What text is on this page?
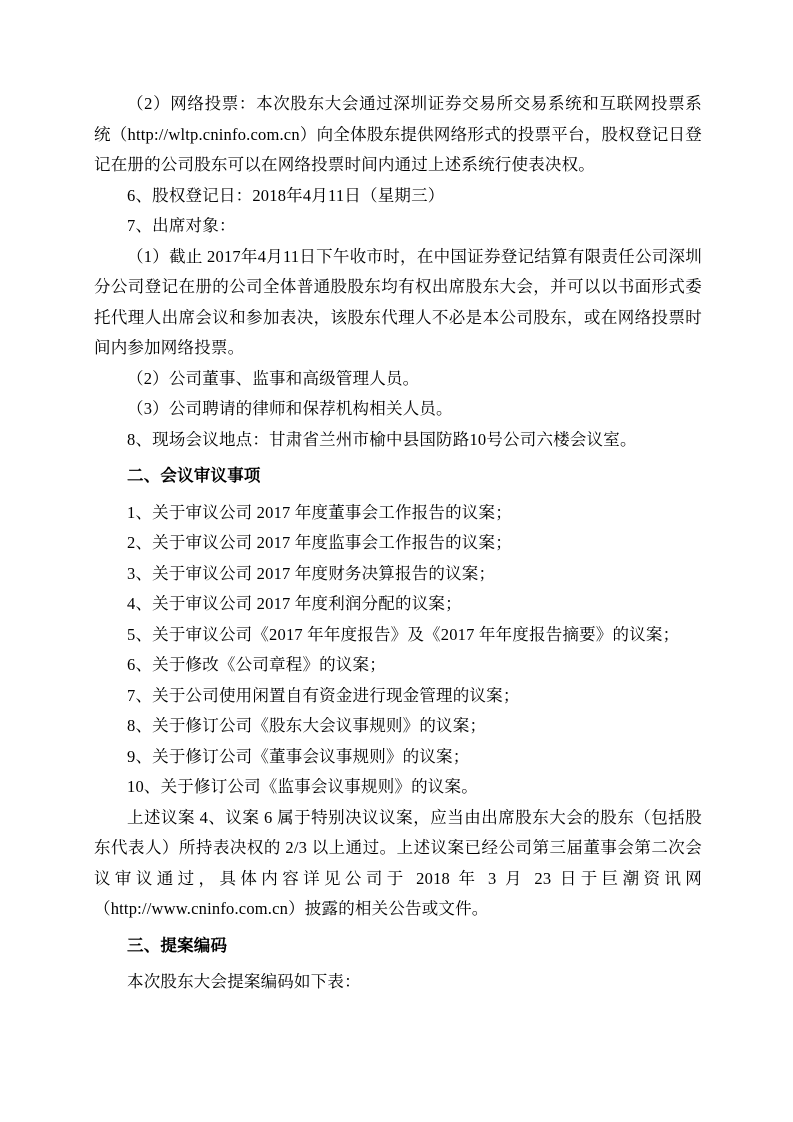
（2）网络投票：本次股东大会通过深圳证券交易所交易系统和互联网投票系统（http://wltp.cninfo.com.cn）向全体股东提供网络形式的投票平台，股权登记日登记在册的公司股东可以在网络投票时间内通过上述系统行使表决权。

6、股权登记日：2018年4月11日（星期三）

7、出席对象：

（1）截止 2017年4月11日下午收市时，在中国证券登记结算有限责任公司深圳分公司登记在册的公司全体普通股股东均有权出席股东大会，并可以以书面形式委托代理人出席会议和参加表决，该股东代理人不必是本公司股东，或在网络投票时间内参加网络投票。

（2）公司董事、监事和高级管理人员。

（3）公司聘请的律师和保荐机构相关人员。

8、现场会议地点：甘肃省兰州市榆中县国防路10号公司六楼会议室。

二、会议审议事项

1、关于审议公司 2017 年度董事会工作报告的议案；

2、关于审议公司 2017 年度监事会工作报告的议案；

3、关于审议公司 2017 年度财务决算报告的议案；

4、关于审议公司 2017 年度利润分配的议案；

5、关于审议公司《2017 年年度报告》及《2017 年年度报告摘要》的议案；

6、关于修改《公司章程》的议案；

7、关于公司使用闲置自有资金进行现金管理的议案；

8、关于修订公司《股东大会议事规则》的议案；

9、关于修订公司《董事会议事规则》的议案；

10、关于修订公司《监事会议事规则》的议案。

上述议案 4、议案 6 属于特别决议议案，应当由出席股东大会的股东（包括股东代表人）所持表决权的 2/3 以上通过。上述议案已经公司第三届董事会第二次会议审议通过，具体内容详见公司于 2018 年 3 月 23 日于巨潮资讯网（http://www.cninfo.com.cn）披露的相关公告或文件。

三、提案编码

本次股东大会提案编码如下表：
